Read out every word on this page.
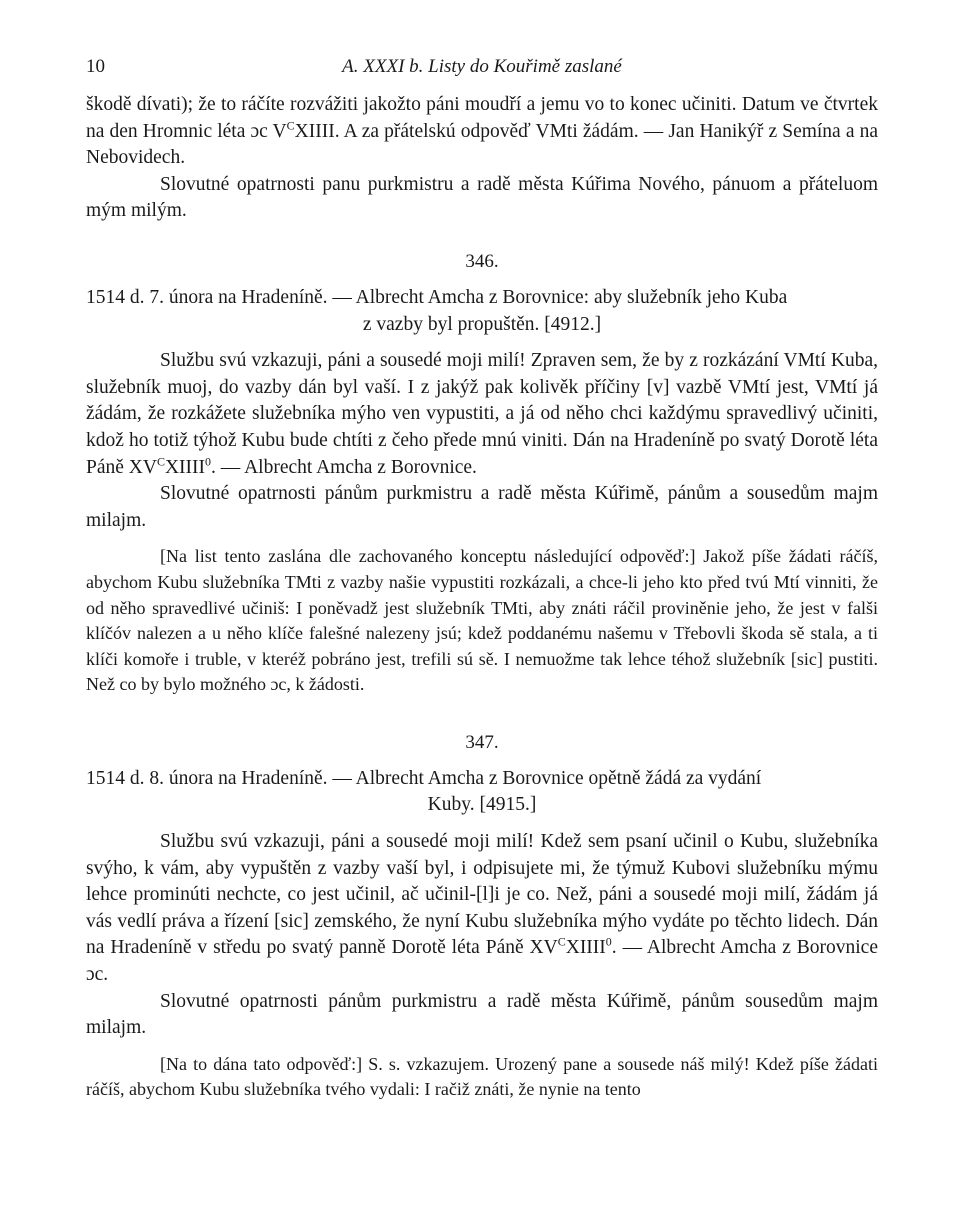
10	A. XXXI b. Listy do Kouřimě zaslané

škodě dívati); že to ráčíte rozvážiti jakožto páni moudří a jemu vo to konec učiniti. Datum ve čtvrtek na den Hromnic léta ɔc $V^CXIIII$. A za přátelskú odpověď VMti žádám. — Jan Hanikýř z Semína a na Nebovidech.

Slovutné opatrnosti panu purkmistru a radě města Kúřima Nového, pánuom a přáteluom mým milým.

346.

1514 d. 7. února na Hradeníně. — Albrecht Amcha z Borovnice: aby služebník jeho Kuba

z vazby byl propuštěn. [4912.]

Službu svú vzkazuji, páni a sousedé moji milí! Zpraven sem, že by z rozkázání VMtí Kuba, služebník muoj, do vazby dán byl vaší. I z jakýž pak kolivěk příčiny [v] vazbě VMtí jest, VMtí já žádám, že rozkážete služebníka mýho ven vypustiti, a já od něho chci každýmu spravedlivý učiniti, kdož ho totiž týhož Kubu bude chtíti z čeho přede mnú viniti. Dán na Hradeníně po svatý Dorotě léta Páně $XV^CXIIII^0$. — Albrecht Amcha z Borovnice.

Slovutné opatrnosti pánům purkmistru a radě města Kúřimě, pánům a sousedům majm milajm.

[Na list tento zaslána dle zachovaného konceptu následující odpověď:] Jakož píše žádati ráčíš, abychom Kubu služebníka TMti z vazby našie vypustiti rozkázali, a chce-li jeho kto před tvú Mtí vinniti, že od něho spravedlivé učiniš: I poněvadž jest služebník TMti, aby znáti ráčil proviněnie jeho, že jest v falši klíčóv nalezen a u něho klíče falešné nalezeny jsú; kdež poddanému našemu v Třebovli škoda sě stala, a ti klíči komoře i truble, v kteréž pobráno jest, trefili sú sě. I nemuožme tak lehce téhož služebník [sic] pustiti. Než co by bylo možného ɔc, k žádosti.

347.

1514 d. 8. února na Hradeníně. — Albrecht Amcha z Borovnice opětně žádá za vydání

Kuby. [4915.]

Službu svú vzkazuji, páni a sousedé moji milí! Kdež sem psaní učinil o Kubu, služebníka svýho, k vám, aby vypuštěn z vazby vaší byl, i odpisujete mi, že týmuž Kubovi služebníku mýmu lehce prominúti nechcte, co jest učinil, ač učinil-[l]i je co. Než, páni a sousedé moji milí, žádám já vás vedlí práva a řízení [sic] zemského, že nyní Kubu služebníka mýho vydáte po těchto lidech. Dán na Hradeníně v středu po svatý panně Dorotě léta Páně $XV^CXIIII^0$. — Albrecht Amcha z Borovnice ɔc.

Slovutné opatrnosti pánům purkmistru a radě města Kúřimě, pánům sousedům majm milajm.

[Na to dána tato odpověď:] S. s. vzkazujem. Urozený pane a sousede náš milý! Kdež píše žádati ráčíš, abychom Kubu služebníka tvého vydali: I račiž znáti, že nynie na tento
